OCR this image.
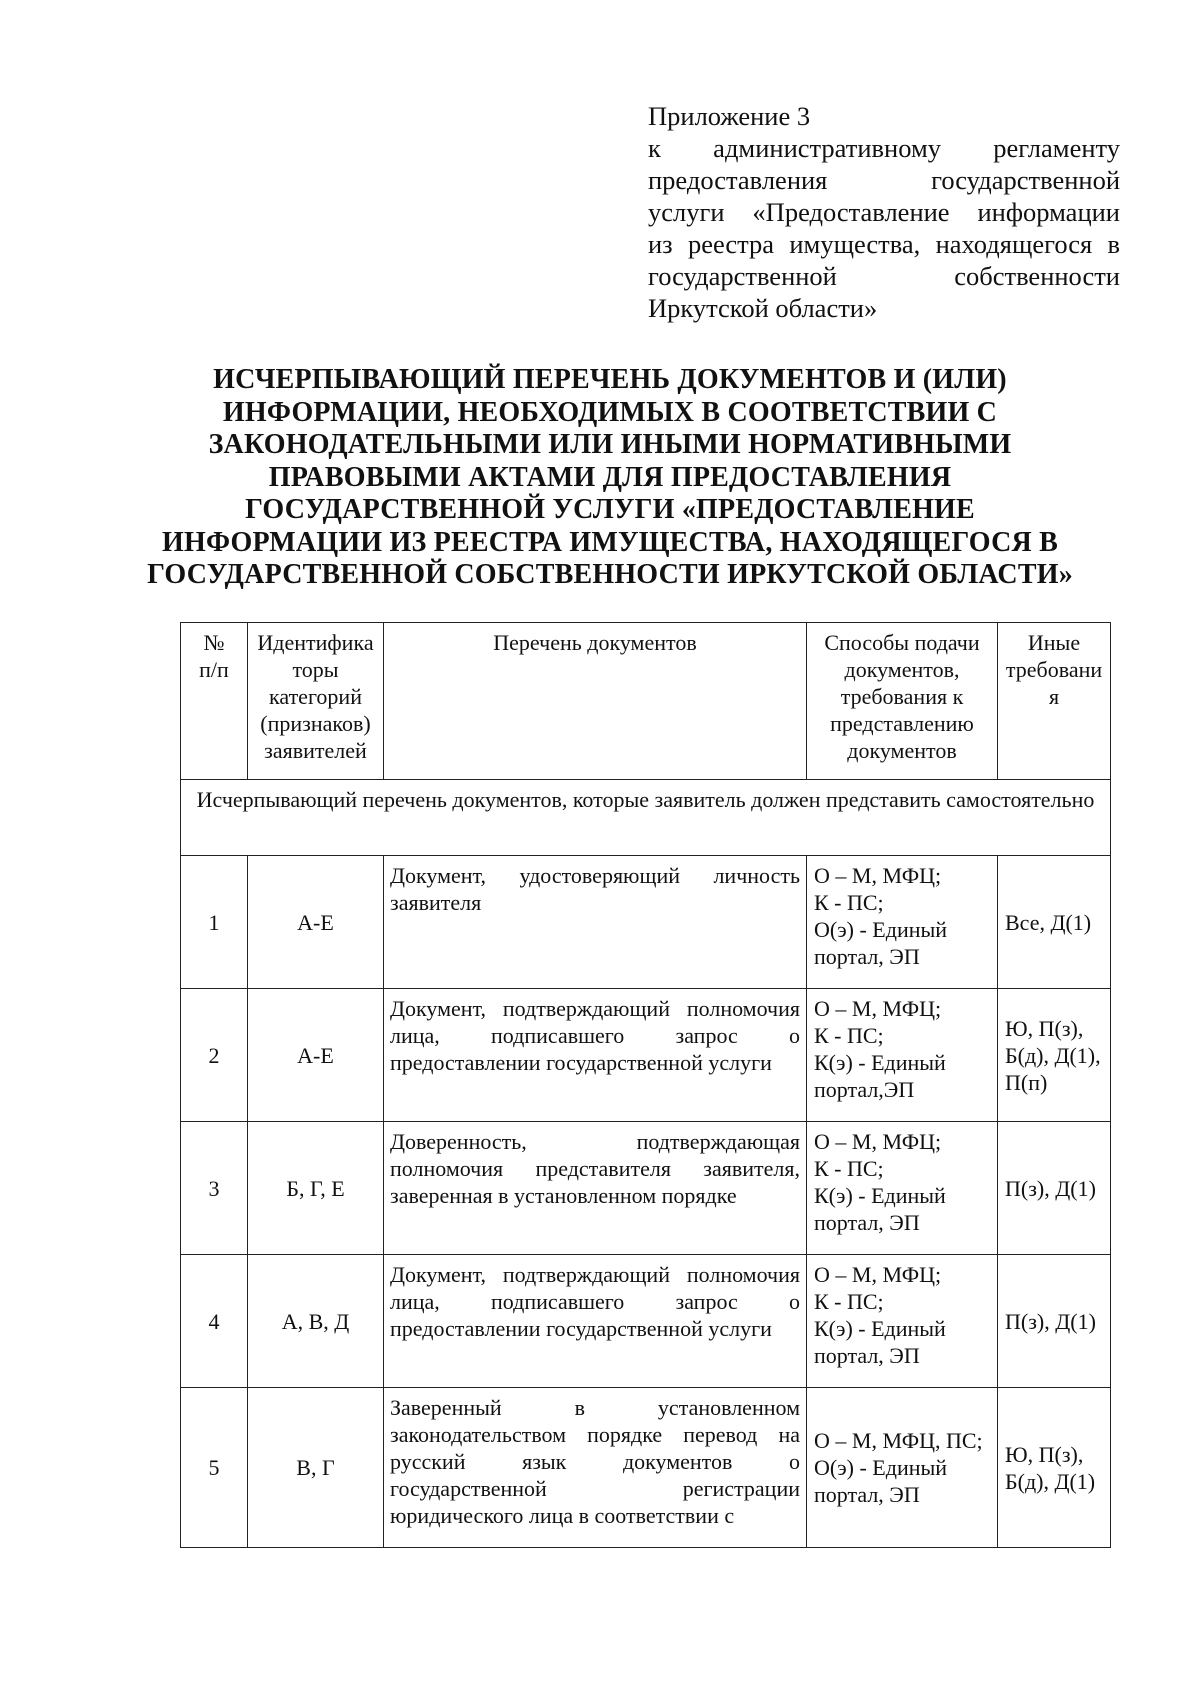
Приложение 3
к административному регламенту
предоставления государственной
услуги «Предоставление информации
из реестра имущества, находящегося в
государственной собственности
Иркутской области»
ИСЧЕРПЫВАЮЩИЙ ПЕРЕЧЕНЬ ДОКУМЕНТОВ И (ИЛИ)
ИНФОРМАЦИИ, НЕОБХОДИМЫХ В СООТВЕТСТВИИ С
ЗАКОНОДАТЕЛЬНЫМИ ИЛИ ИНЫМИ НОРМАТИВНЫМИ
ПРАВОВЫМИ АКТАМИ ДЛЯ ПРЕДОСТАВЛЕНИЯ
ГОСУДАРСТВЕННОЙ УСЛУГИ «ПРЕДОСТАВЛЕНИЕ
ИНФОРМАЦИИ ИЗ РЕЕСТРА ИМУЩЕСТВА, НАХОДЯЩЕГОСЯ В
ГОСУДАРСТВЕННОЙ СОБСТВЕННОСТИ ИРКУТСКОЙ ОБЛАСТИ»
№
п/п	Идентифика
торы
категорий
(признаков)
заявителей	Перечень документов	Способы подачи
документов,
требования к
представлению
документов	Иные
требовани
я
Исчерпывающий перечень документов, которые заявитель должен представить самостоятельно				
1	А-Е	Документ, удостоверяющий личность заявителя	О – М, МФЦ;
К - ПС;
О(э) - Единый
портал, ЭП	Все, Д(1)
2	А-Е	Документ, подтверждающий полномочия лица, подписавшего запрос о предоставлении государственной услуги	О – М, МФЦ;
К - ПС;
К(э) - Единый
портал,ЭП	Ю, П(з),
Б(д), Д(1),
П(п)
3	Б, Г, Е	Доверенность, подтверждающая полномочия представителя заявителя, заверенная в установленном порядке	О – М, МФЦ;
К - ПС;
К(э) - Единый
портал, ЭП	П(з), Д(1)
4	А, В, Д	Документ, подтверждающий полномочия лица, подписавшего запрос о предоставлении государственной услуги	О – М, МФЦ;
К - ПС;
К(э) - Единый
портал, ЭП	П(з), Д(1)
5	В, Г	Заверенный в установленном законодательством порядке перевод на русский язык документов о государственной регистрации юридического лица в соответствии с	О – М, МФЦ, ПС;
О(э) - Единый
портал, ЭП	Ю, П(з),
Б(д), Д(1)
